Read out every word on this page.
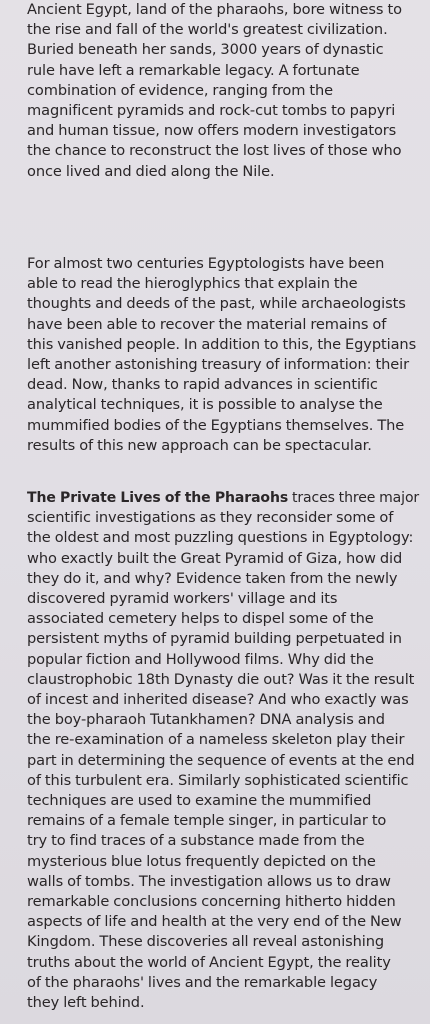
Ancient Egypt, land of the pharaohs, bore witness to
the rise and fall of the world's greatest civilization.
Buried beneath her sands, 3000 years of dynastic
rule have left a remarkable legacy. A fortunate
combination of evidence, ranging from the
magnificent pyramids and rock-cut tombs to papyri
and human tissue, now offers modern investigators
the chance to reconstruct the lost lives of those who
once lived and died along the Nile.

For almost two centuries Egyptologists have been
able to read the hieroglyphics that explain the
thoughts and deeds of the past, while archaeologists
have been able to recover the material remains of
this vanished people. In addition to this, the Egyptians
left another astonishing treasury of information: their
dead. Now, thanks to rapid advances in scientific
analytical techniques, it is possible to analyse the
mummified bodies of the Egyptians themselves. The
results of this new approach can be spectacular.

The Private Lives of the Pharaohs traces three major
scientific investigations as they reconsider some of
the oldest and most puzzling questions in Egyptology:
who exactly built the Great Pyramid of Giza, how did
they do it, and why? Evidence taken from the newly
discovered pyramid workers' village and its
associated cemetery helps to dispel some of the
persistent myths of pyramid building perpetuated in
popular fiction and Hollywood films. Why did the
claustrophobic 18th Dynasty die out? Was it the result
of incest and inherited disease? And who exactly was
the boy-pharaoh Tutankhamen? DNA analysis and
the re-examination of a nameless skeleton play their
part in determining the sequence of events at the end
of this turbulent era. Similarly sophisticated scientific
techniques are used to examine the mummified
remains of a female temple singer, in particular to
try to find traces of a substance made from the
mysterious blue lotus frequently depicted on the
walls of tombs. The investigation allows us to draw
remarkable conclusions concerning hitherto hidden
aspects of life and health at the very end of the New
Kingdom. These discoveries all reveal astonishing
truths about the world of Ancient Egypt, the reality
of the pharaohs' lives and the remarkable legacy
they left behind.
